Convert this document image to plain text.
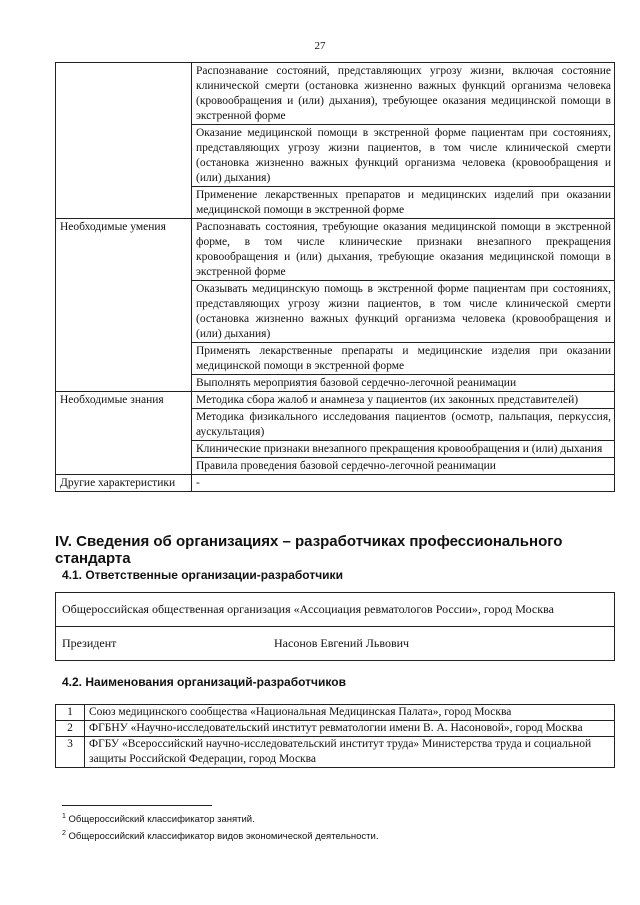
27
	Распознавание состояний, представляющих угрозу жизни, включая состояние клинической смерти (остановка жизненно важных функций организма человека (кровообращения и (или) дыхания), требующее оказания медицинской помощи в экстренной форме
	Оказание медицинской помощи в экстренной форме пациентам при состояниях, представляющих угрозу жизни пациентов, в том числе клинической смерти (остановка жизненно важных функций организма человека (кровообращения и (или) дыхания)
	Применение лекарственных препаратов и медицинских изделий при оказании медицинской помощи в экстренной форме
Необходимые умения	Распознавать состояния, требующие оказания медицинской помощи в экстренной форме, в том числе клинические признаки внезапного прекращения кровообращения и (или) дыхания, требующие оказания медицинской помощи в экстренной форме
	Оказывать медицинскую помощь в экстренной форме пациентам при состояниях, представляющих угрозу жизни пациентов, в том числе клинической смерти (остановка жизненно важных функций организма человека (кровообращения и (или) дыхания)
	Применять лекарственные препараты и медицинские изделия при оказании медицинской помощи в экстренной форме
	Выполнять мероприятия базовой сердечно-легочной реанимации
Необходимые знания	Методика сбора жалоб и анамнеза у пациентов (их законных представителей)
	Методика физикального исследования пациентов (осмотр, пальпация, перкуссия, аускультация)
	Клинические признаки внезапного прекращения кровообращения и (или) дыхания
	Правила проведения базовой сердечно-легочной реанимации
Другие характеристики	-
IV. Сведения об организациях – разработчиках профессионального стандарта
4.1. Ответственные организации-разработчики
Общероссийская общественная организация «Ассоциация ревматологов России», город Москва
Президент	Насонов Евгений Львович
4.2. Наименования организаций-разработчиков
1	Союз медицинского сообщества «Национальная Медицинская Палата», город Москва
2	ФГБНУ «Научно-исследовательский институт ревматологии имени В. А. Насоновой», город Москва
3	ФГБУ «Всероссийский научно-исследовательский институт труда» Министерства труда и социальной защиты Российской Федерации, город Москва
$^1$ Общероссийский классификатор занятий.
$^2$ Общероссийский классификатор видов экономической деятельности.
